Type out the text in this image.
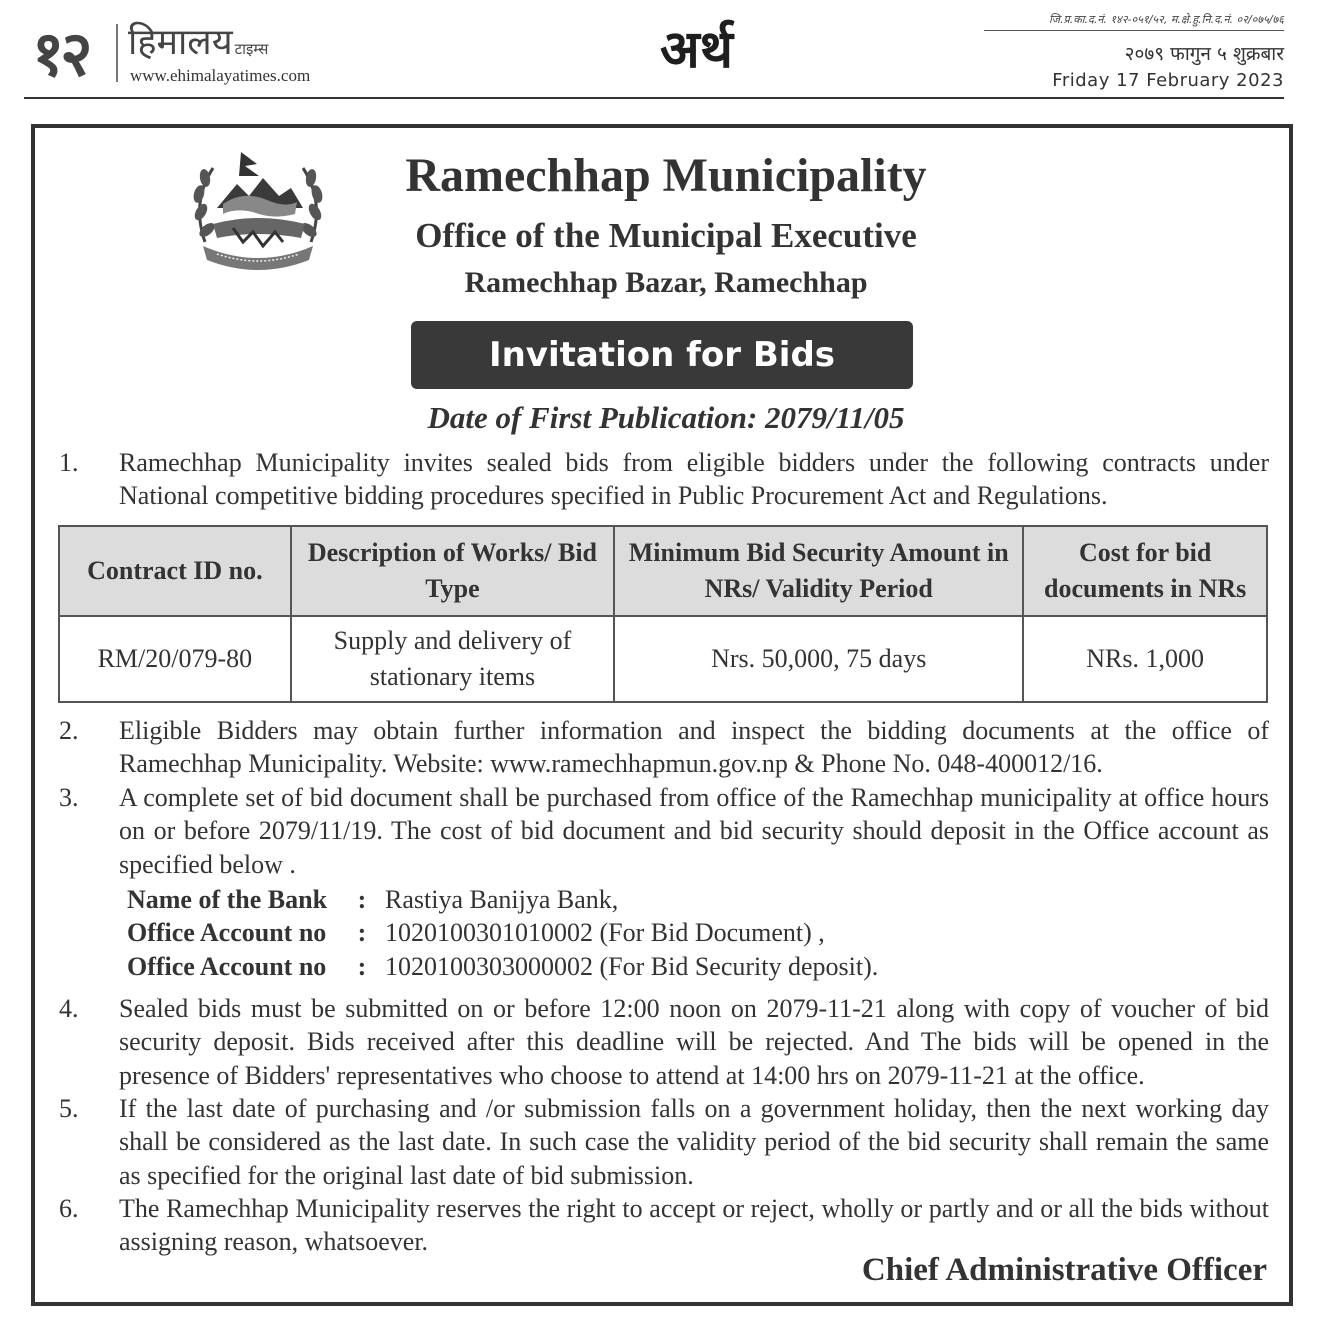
१२ हिमालय टाइम्स
www.ehimalayatimes.com	अर्थ
जि.प्र.का.द.नं. १४२-०५१/५२, म.क्षे.हु.नि.द.नं. ०२/०७५/७६
२०७९ फागुन ५ शुक्रबार
Friday 17 February 2023
Ramechhap Municipality
Office of the Municipal Executive
Ramechhap Bazar, Ramechhap
Invitation for Bids
Date of First Publication: 2079/11/05
1.	Ramechhap Municipality invites sealed bids from eligible bidders under the following contracts under National competitive bidding procedures specified in Public Procurement Act and Regulations.
Contract ID no.	Description of Works/ Bid Type	Minimum Bid Security Amount in NRs/ Validity Period	Cost for bid documents in NRs
RM/20/079-80	Supply and delivery of stationary items	Nrs. 50,000, 75 days	NRs. 1,000
2.	Eligible Bidders may obtain further information and inspect the bidding documents at the office of Ramechhap Municipality. Website: www.ramechhapmun.gov.np & Phone No. 048-400012/16.
3.	A complete set of bid document shall be purchased from office of the Ramechhap municipality at office hours on or before 2079/11/19. The cost of bid document and bid security should deposit in the Office account as specified below .
Name of the Bank	:	Rastiya Banijya Bank,
Office Account no	:	1020100301010002 (For Bid Document) ,
Office Account no	:	1020100303000002 (For Bid Security deposit).
4.	Sealed bids must be submitted on or before 12:00 noon on 2079-11-21 along with copy of voucher of bid security deposit. Bids received after this deadline will be rejected. And The bids will be opened in the presence of Bidders' representatives who choose to attend at 14:00 hrs on 2079-11-21 at the office.
5.	If the last date of purchasing and /or submission falls on a government holiday, then the next working day shall be considered as the last date. In such case the validity period of the bid security shall remain the same as specified for the original last date of bid submission.
6.	The Ramechhap Municipality reserves the right to accept or reject, wholly or partly and or all the bids without assigning reason, whatsoever.
Chief Administrative Officer
